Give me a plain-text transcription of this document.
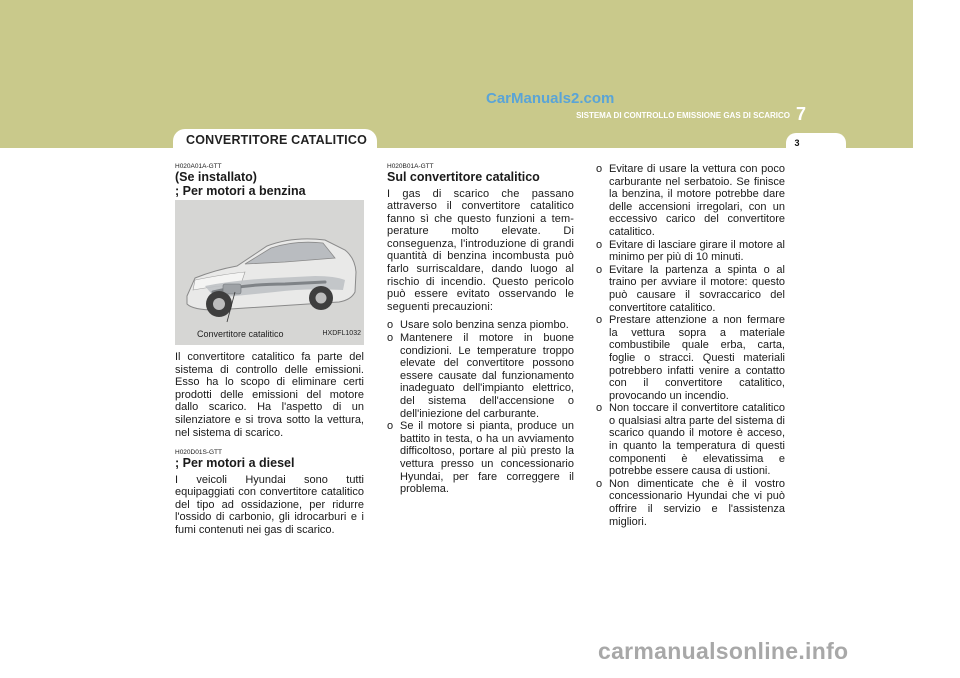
CarManuals2.com
SISTEMA DI CONTROLLO EMISSIONE GAS DI SCARICO 7
3
CONVERTITORE CATALITICO

H020A01A-GTT

(Se installato)

; Per motori a benzina

Convertitore catalitico	HXDFL1032

Il convertitore catalitico fa parte del sistema di controllo delle emissioni. Esso ha lo scopo di eliminare certi prodotti delle emissioni del motore dallo scarico. Ha l'aspetto di un silenziatore e si trova sotto la vettura, nel sistema di scarico.

H020D01S-GTT

; Per motori a diesel

I veicoli Hyundai sono tutti equipaggiati con convertitore catalitico del tipo ad ossidazione, per ridurre l'ossido di carbonio, gli idrocarburi e i fumi contenuti nei gas di scarico.

H020B01A-GTT

Sul convertitore catalitico

I gas di scarico che passano attraverso il convertitore catalitico fanno sì che questo funzioni a tem-perature molto elevate. Di conseguenza, l'introduzione di grandi quantità di benzina incombusta può farlo surriscaldare, dando luogo al rischio di incendio. Questo pericolo può essere evitato osservando le seguenti precauzioni:

o Usare solo benzina senza piombo.
o Mantenere il motore in buone condizioni. Le temperature troppo elevate del convertitore possono essere causate dal funzionamento inadeguato dell'impianto elettrico, del sistema dell'accensione o dell'iniezione del carburante.
o Se il motore si pianta, produce un battito in testa, o ha un avviamento difficoltoso, portare al più presto la vettura presso un concessionario Hyundai, per fare correggere il problema.
o Evitare di usare la vettura con poco carburante nel serbatoio. Se finisce la benzina, il motore potrebbe dare delle accensioni irregolari, con un eccessivo carico del convertitore catalitico.
o Evitare di lasciare girare il motore al minimo per più di 10 minuti.
o Evitare la partenza a spinta o al traino per avviare il motore: questo può causare il sovraccarico del convertitore catalitico.
o Prestare attenzione a non fermare la vettura sopra a materiale combustibile quale erba, carta, foglie o stracci. Questi materiali potrebbero infatti venire a contatto con il convertitore catalitico, provocando un incendio.
o Non toccare il convertitore catalitico o qualsiasi altra parte del sistema di scarico quando il motore è acceso, in quanto la temperatura di questi componenti è elevatissima e potrebbe essere causa di ustioni.
o Non dimenticate che è il vostro concessionario Hyundai che vi può offrire il servizio e l'assistenza migliori.
carmanualsonline.info
